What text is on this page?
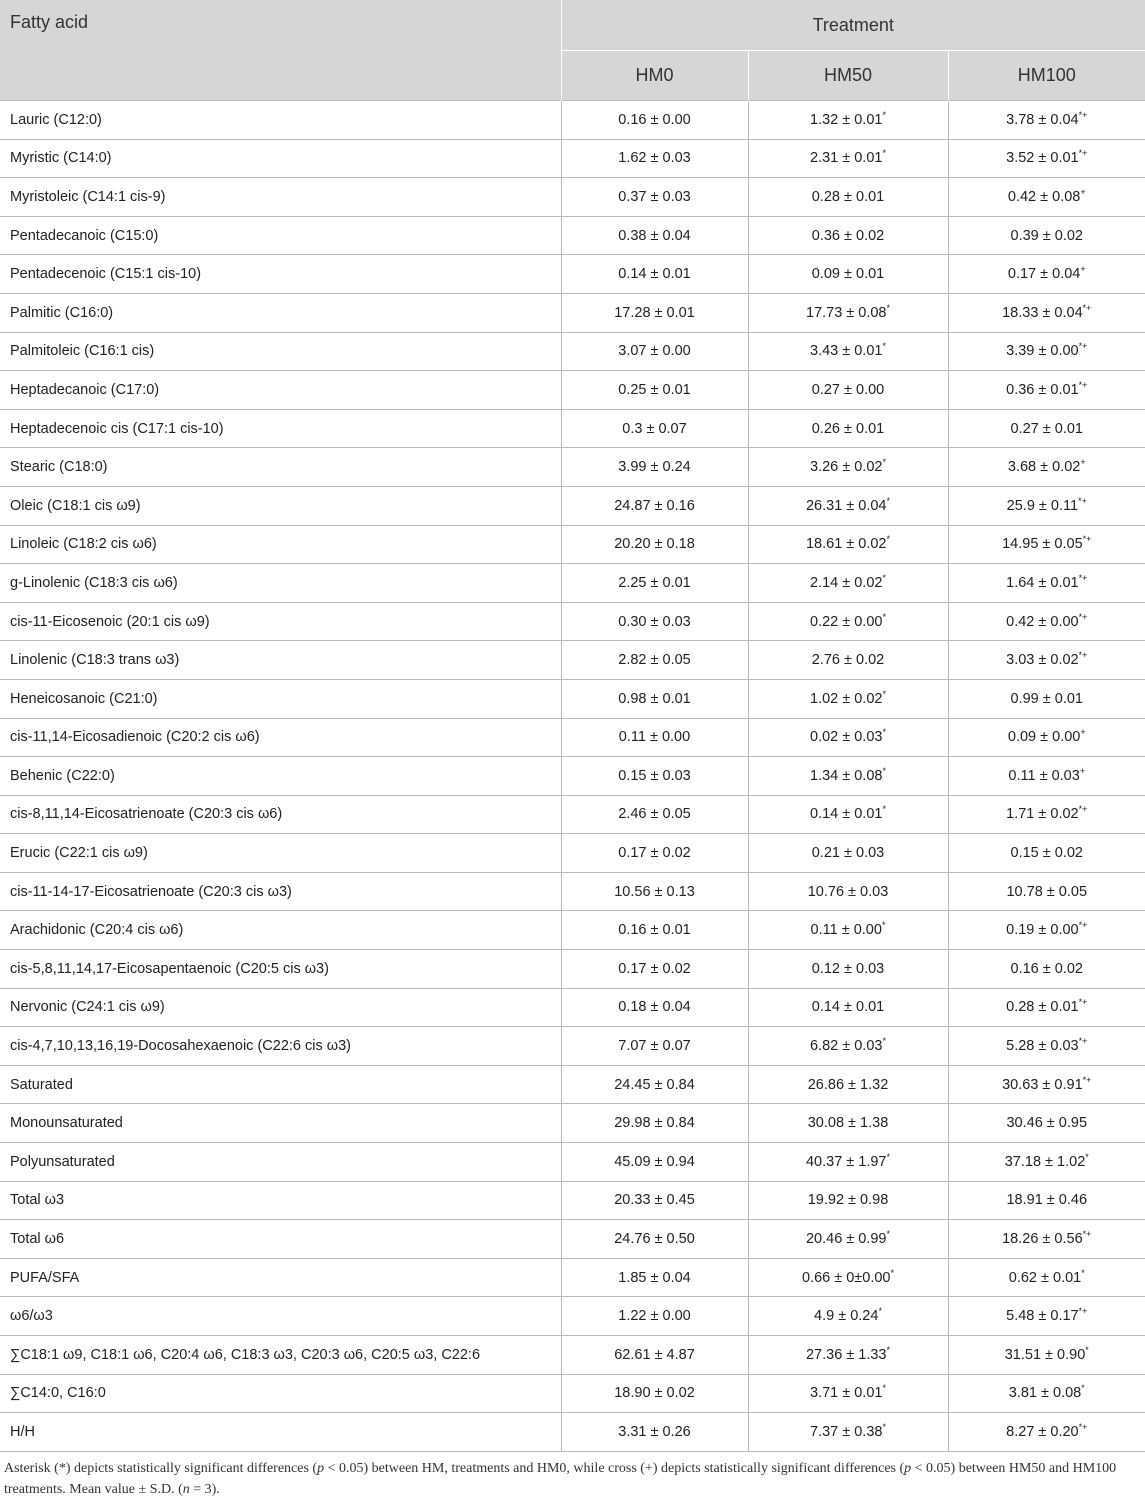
Fatty acid	Treatment		
	HM0	HM50	HM100
Lauric (C12:0)	0.16 ± 0.00	1.32 ± 0.01*	3.78 ± 0.04*+
Myristic (C14:0)	1.62 ± 0.03	2.31 ± 0.01*	3.52 ± 0.01*+
Myristoleic (C14:1 cis-9)	0.37 ± 0.03	0.28 ± 0.01	0.42 ± 0.08+
Pentadecanoic (C15:0)	0.38 ± 0.04	0.36 ± 0.02	0.39 ± 0.02
Pentadecenoic (C15:1 cis-10)	0.14 ± 0.01	0.09 ± 0.01	0.17 ± 0.04+
Palmitic (C16:0)	17.28 ± 0.01	17.73 ± 0.08*	18.33 ± 0.04*+
Palmitoleic (C16:1 cis)	3.07 ± 0.00	3.43 ± 0.01*	3.39 ± 0.00*+
Heptadecanoic (C17:0)	0.25 ± 0.01	0.27 ± 0.00	0.36 ± 0.01*+
Heptadecenoic cis (C17:1 cis-10)	0.3 ± 0.07	0.26 ± 0.01	0.27 ± 0.01
Stearic (C18:0)	3.99 ± 0.24	3.26 ± 0.02*	3.68 ± 0.02+
Oleic (C18:1 cis ω9)	24.87 ± 0.16	26.31 ± 0.04*	25.9 ± 0.11*+
Linoleic (C18:2 cis ω6)	20.20 ± 0.18	18.61 ± 0.02*	14.95 ± 0.05*+
g-Linolenic (C18:3 cis ω6)	2.25 ± 0.01	2.14 ± 0.02*	1.64 ± 0.01*+
cis-11-Eicosenoic (20:1 cis ω9)	0.30 ± 0.03	0.22 ± 0.00*	0.42 ± 0.00*+
Linolenic (C18:3 trans ω3)	2.82 ± 0.05	2.76 ± 0.02	3.03 ± 0.02*+
Heneicosanoic (C21:0)	0.98 ± 0.01	1.02 ± 0.02*	0.99 ± 0.01
cis-11,14-Eicosadienoic (C20:2 cis ω6)	0.11 ± 0.00	0.02 ± 0.03*	0.09 ± 0.00+
Behenic (C22:0)	0.15 ± 0.03	1.34 ± 0.08*	0.11 ± 0.03+
cis-8,11,14-Eicosatrienoate (C20:3 cis ω6)	2.46 ± 0.05	0.14 ± 0.01*	1.71 ± 0.02*+
Erucic (C22:1 cis ω9)	0.17 ± 0.02	0.21 ± 0.03	0.15 ± 0.02
cis-11-14-17-Eicosatrienoate (C20:3 cis ω3)	10.56 ± 0.13	10.76 ± 0.03	10.78 ± 0.05
Arachidonic (C20:4 cis ω6)	0.16 ± 0.01	0.11 ± 0.00*	0.19 ± 0.00*+
cis-5,8,11,14,17-Eicosapentaenoic (C20:5 cis ω3)	0.17 ± 0.02	0.12 ± 0.03	0.16 ± 0.02
Nervonic (C24:1 cis ω9)	0.18 ± 0.04	0.14 ± 0.01	0.28 ± 0.01*+
cis-4,7,10,13,16,19-Docosahexaenoic (C22:6 cis ω3)	7.07 ± 0.07	6.82 ± 0.03*	5.28 ± 0.03*+
Saturated	24.45 ± 0.84	26.86 ± 1.32	30.63 ± 0.91*+
Monounsaturated	29.98 ± 0.84	30.08 ± 1.38	30.46 ± 0.95
Polyunsaturated	45.09 ± 0.94	40.37 ± 1.97*	37.18 ± 1.02*
Total ω3	20.33 ± 0.45	19.92 ± 0.98	18.91 ± 0.46
Total ω6	24.76 ± 0.50	20.46 ± 0.99*	18.26 ± 0.56*+
PUFA/SFA	1.85 ± 0.04	0.66 ± 0±0.00*	0.62 ± 0.01*
ω6/ω3	1.22 ± 0.00	4.9 ± 0.24*	5.48 ± 0.17*+
∑C18:1 ω9, C18:1 ω6, C20:4 ω6, C18:3 ω3, C20:3 ω6, C20:5 ω3, C22:6	62.61 ± 4.87	27.36 ± 1.33*	31.51 ± 0.90*
∑C14:0, C16:0	18.90 ± 0.02	3.71 ± 0.01*	3.81 ± 0.08*
H/H	3.31 ± 0.26	7.37 ± 0.38*	8.27 ± 0.20*+
Asterisk (*) depicts statistically significant differences (p < 0.05) between HM, treatments and HM0, while cross (+) depicts statistically significant differences (p < 0.05) between HM50 and HM100 treatments. Mean value ± S.D. (n = 3).
